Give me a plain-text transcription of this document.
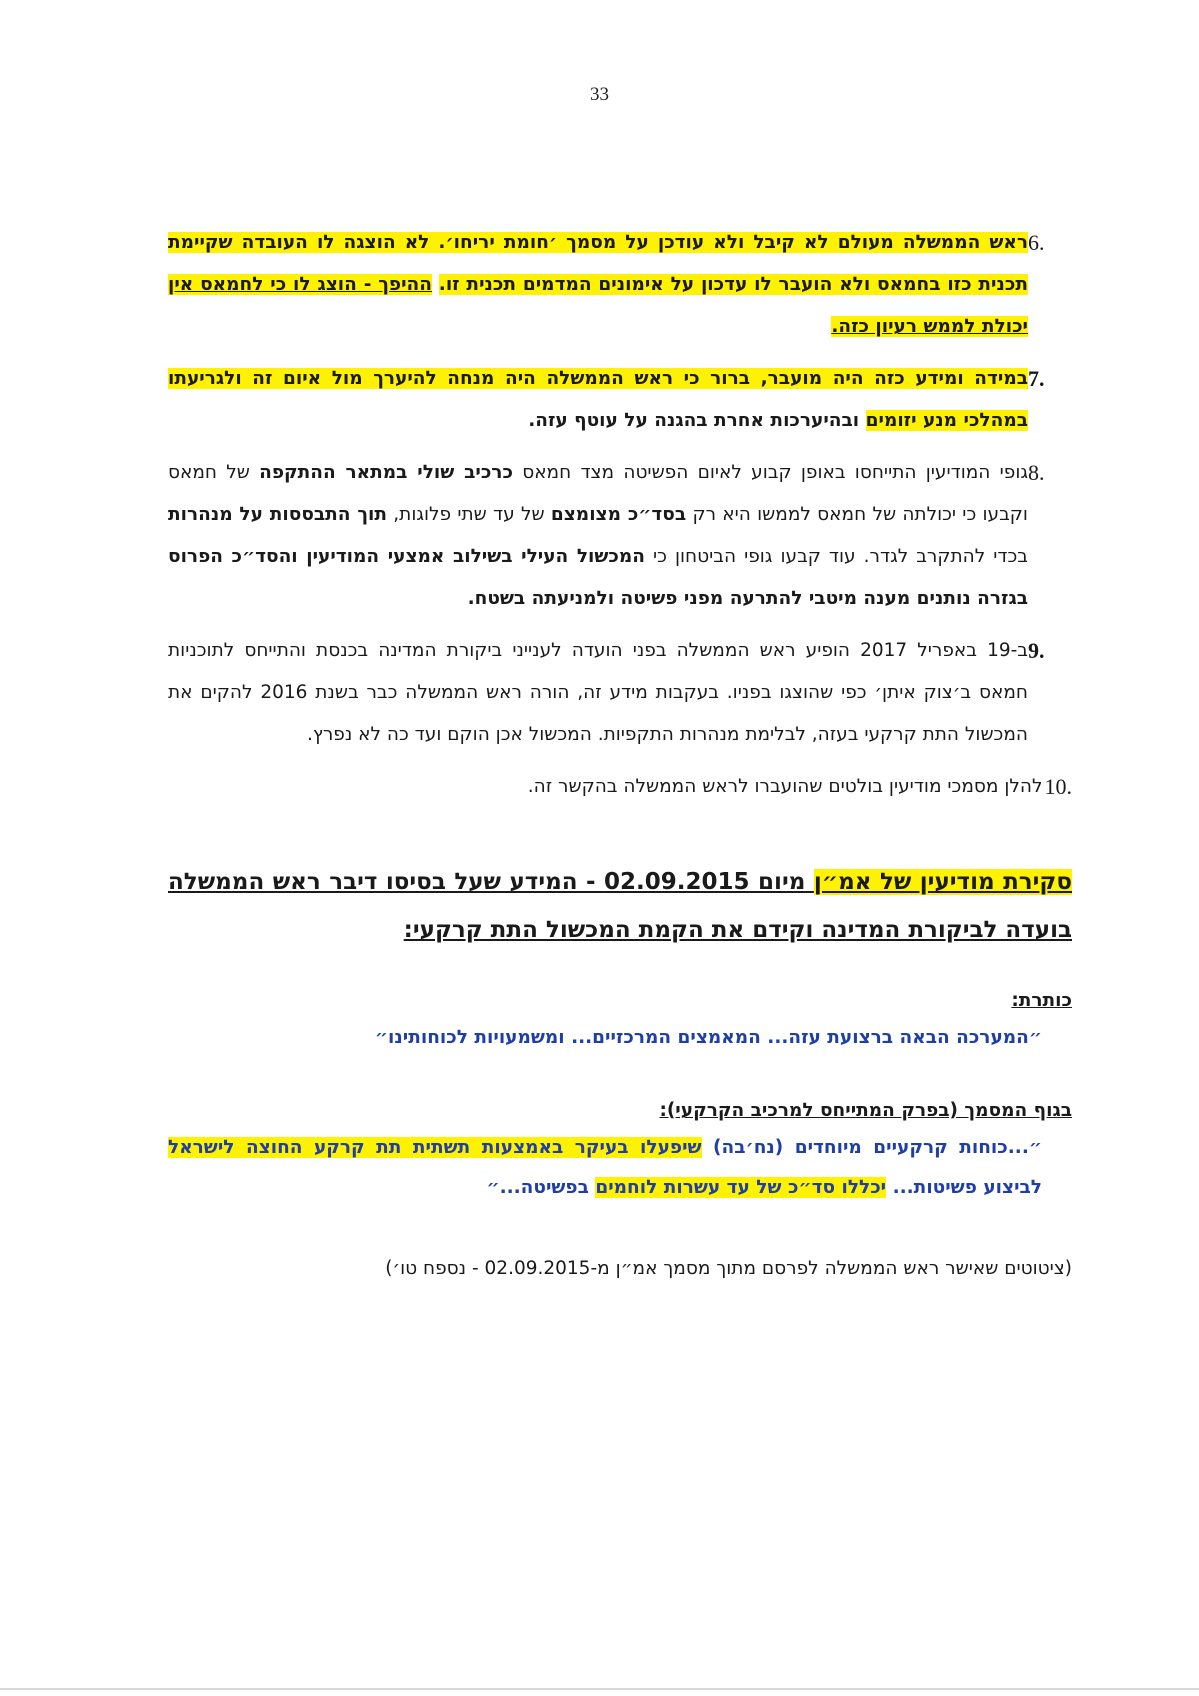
33
6.
ראש הממשלה מעולם לא קיבל ולא עודכן על מסמך ׳חומת יריחו׳. לא הוצגה לו העובדה שקיימת תכנית כזו בחמאס ולא הועבר לו עדכון על אימונים המדמים תכנית זו. ההיפך - הוצג לו כי לחמאס אין יכולת לממש רעיון כזה.
7.
במידה ומידע כזה היה מועבר, ברור כי ראש הממשלה היה מנחה להיערך מול איום זה ולגריעתו במהלכי מנע יזומים ובהיערכות אחרת בהגנה על עוטף עזה.
8.
גופי המודיעין התייחסו באופן קבוע לאיום הפשיטה מצד חמאס כרכיב שולי במתאר ההתקפה של חמאס וקבעו כי יכולתה של חמאס לממשו היא רק בסד״כ מצומצם של עד שתי פלוגות, תוך התבססות על מנהרות בכדי להתקרב לגדר. עוד קבעו גופי הביטחון כי המכשול העילי בשילוב אמצעי המודיעין והסד״כ הפרוס בגזרה נותנים מענה מיטבי להתרעה מפני פשיטה ולמניעתה בשטח.
9.
ב-19 באפריל 2017 הופיע ראש הממשלה בפני הועדה לענייני ביקורת המדינה בכנסת והתייחס לתוכניות חמאס ב׳צוק איתן׳ כפי שהוצגו בפניו. בעקבות מידע זה, הורה ראש הממשלה כבר בשנת 2016 להקים את המכשול התת קרקעי בעזה, לבלימת מנהרות התקפיות. המכשול אכן הוקם ועד כה לא נפרץ.
10.
להלן מסמכי מודיעין בולטים שהועברו לראש הממשלה בהקשר זה.
סקירת מודיעין של אמ״ן מיום 02.09.2015 - המידע שעל בסיסו דיבר ראש הממשלה בועדה לביקורת המדינה וקידם את הקמת המכשול התת קרקעי:
כותרת:
״המערכה הבאה ברצועת עזה... המאמצים המרכזיים... ומשמעויות לכוחותינו״
בגוף המסמך (בפרק המתייחס למרכיב הקרקעי):
״...כוחות קרקעיים מיוחדים (נח׳בה) שיפעלו בעיקר באמצעות תשתית תת קרקע החוצה לישראל לביצוע פשיטות... יכללו סד״כ של עד עשרות לוחמים בפשיטה...״
(ציטוטים שאישר ראש הממשלה לפרסם מתוך מסמך אמ״ן מ-02.09.2015 - נספח טו׳)
